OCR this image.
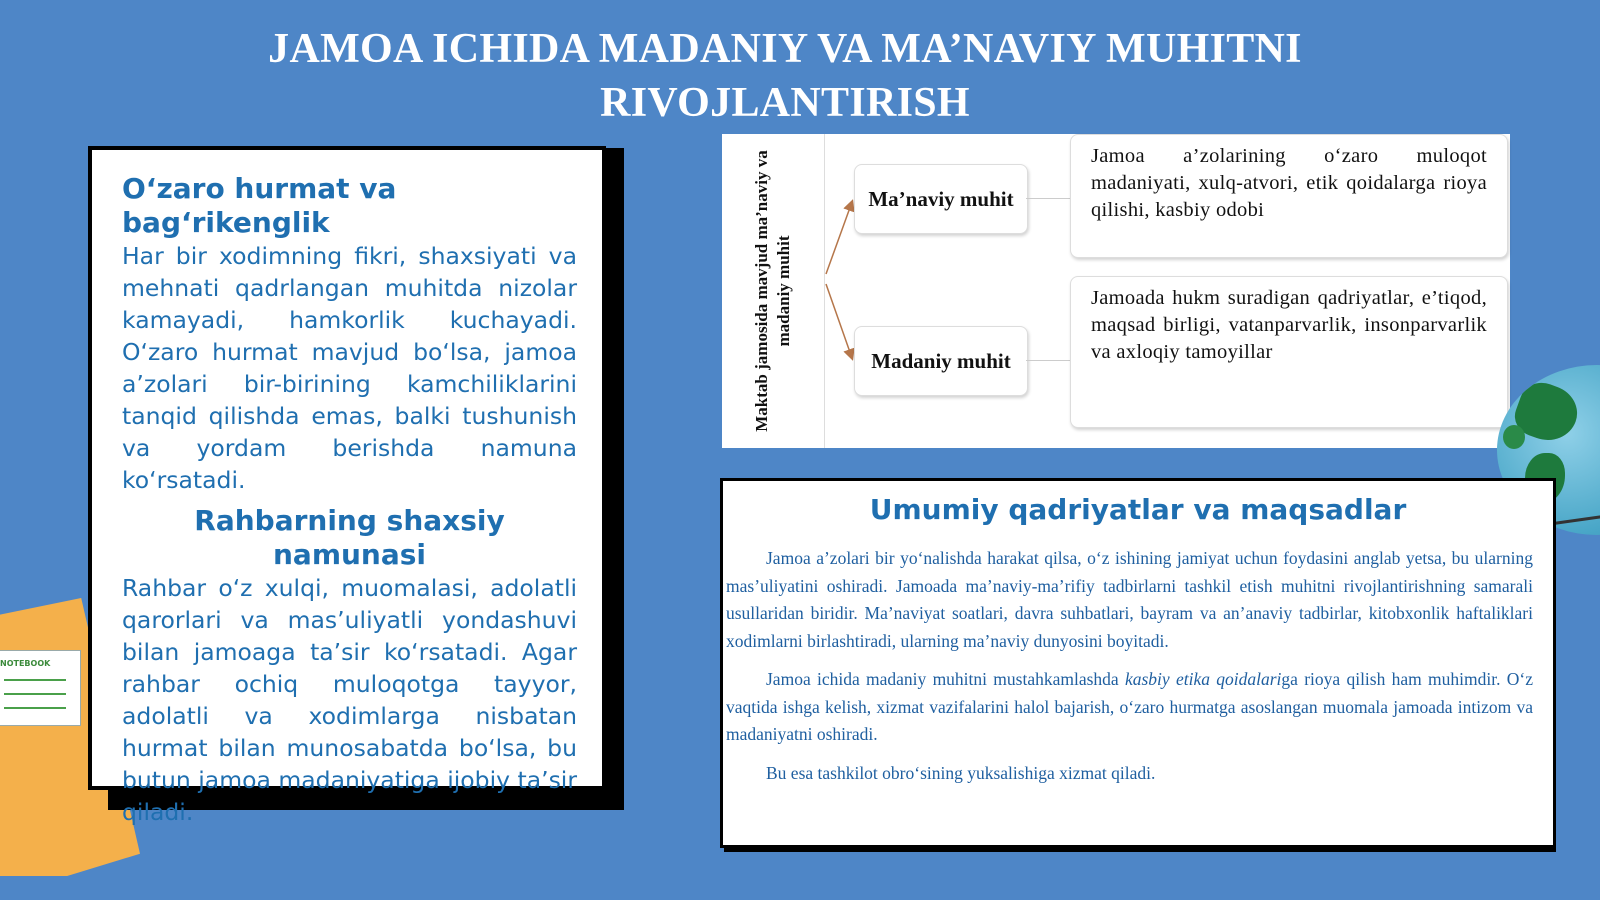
JAMOA ICHIDA MADANIY VA MA’NAVIY MUHITNI
RIVOJLANTIRISH
NOTEBOOK

O‘zaro hurmat va bag‘rikenglik

Har bir xodimning fikri, shaxsiyati va mehnati qadrlangan muhitda nizolar kamayadi, hamkorlik kuchayadi. O‘zaro hurmat mavjud bo‘lsa, jamoa a’zolari bir-birining kamchiliklarini tanqid qilishda emas, balki tushunish va yordam berishda namuna ko‘rsatadi.

Rahbarning shaxsiy namunasi

Rahbar o‘z xulqi, muomalasi, adolatli qarorlari va mas’uliyatli yondashuvi bilan jamoaga ta’sir ko‘rsatadi. Agar rahbar ochiq muloqotga tayyor, adolatli va xodimlarga nisbatan hurmat bilan munosabatda bo‘lsa, bu butun jamoa madaniyatiga ijobiy ta’sir qiladi.

Maktab jamosida mavjud ma’naviy va madaniy muhit
Ma’naviy muhit
Jamoa a’zolarining o‘zaro muloqot madaniyati, xulq-atvori, etik qoidalarga rioya qilishi, kasbiy odobi
Madaniy muhit
Jamoada hukm suradigan qadriyatlar, e’tiqod, maqsad birligi, vatanparvarlik, insonparvarlik va axloqiy tamoyillar
Umumiy qadriyatlar va maqsadlar

Jamoa a’zolari bir yo‘nalishda harakat qilsa, o‘z ishining jamiyat uchun foydasini anglab yetsa, bu ularning mas’uliyatini oshiradi. Jamoada ma’naviy-ma’rifiy tadbirlarni tashkil etish muhitni rivojlantirishning samarali usullaridan biridir. Ma’naviyat soatlari, davra suhbatlari, bayram va an’anaviy tadbirlar, kitobxonlik haftaliklari xodimlarni birlashtiradi, ularning ma’naviy dunyosini boyitadi.

Jamoa ichida madaniy muhitni mustahkamlashda kasbiy etika qoidalariga rioya qilish ham muhimdir. O‘z vaqtida ishga kelish, xizmat vazifalarini halol bajarish, o‘zaro hurmatga asoslangan muomala jamoada intizom va madaniyatni oshiradi.

Bu esa tashkilot obro‘sining yuksalishiga xizmat qiladi.
